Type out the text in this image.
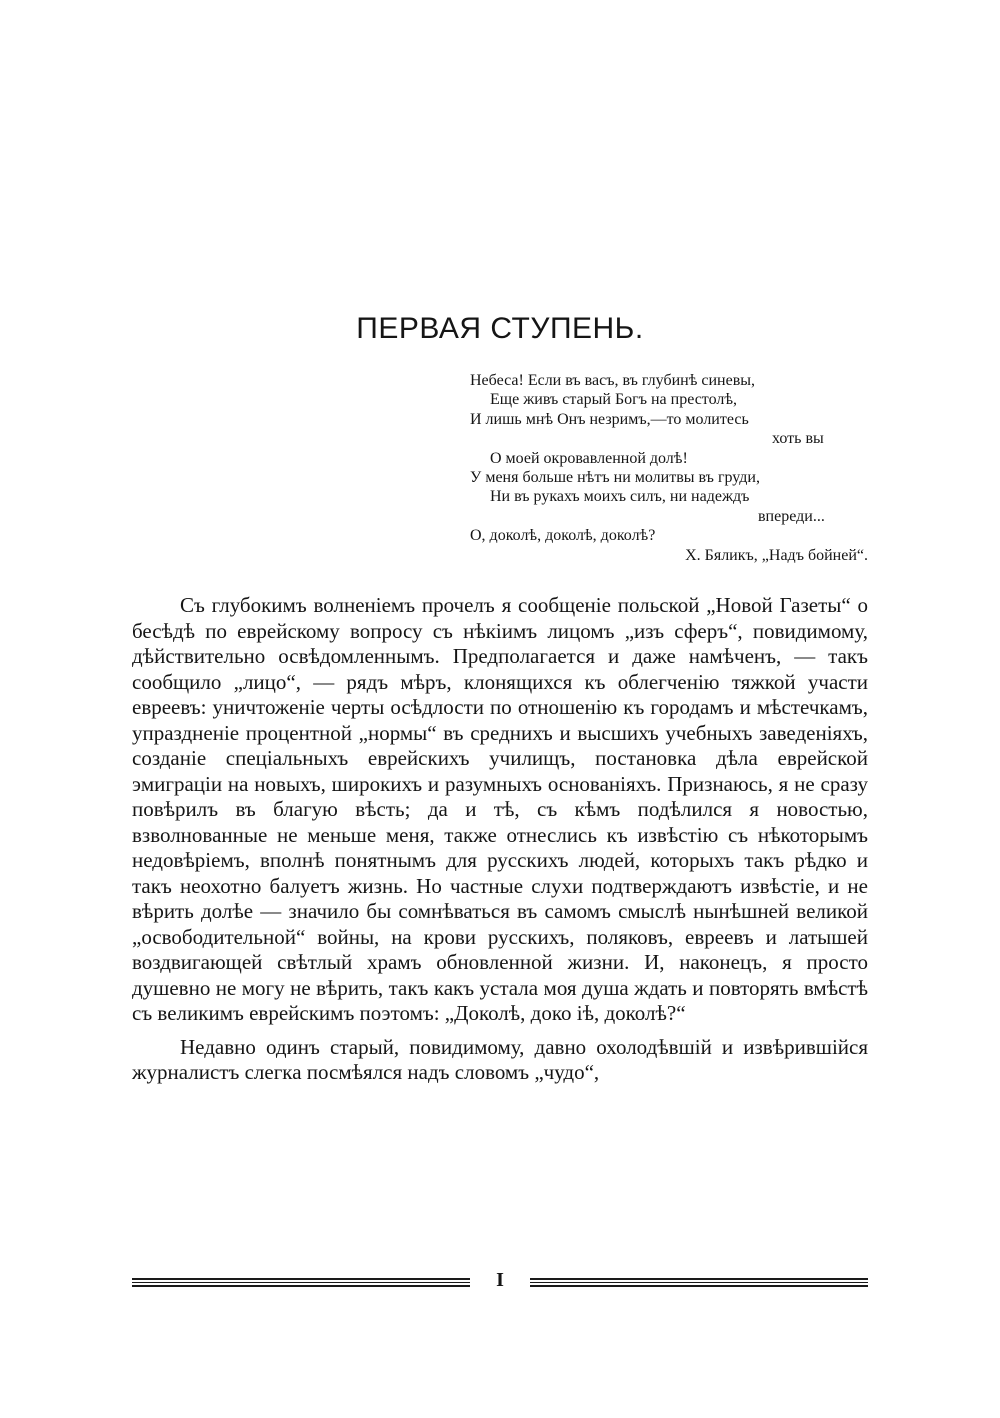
ПЕРВАЯ СТУПЕНЬ.
Небеса! Если въ васъ, въ глубинѣ синевы,
Еще живъ старый Богъ на престолѣ,
И лишь мнѣ Онъ незримъ,—то молитесь
хоть вы
О моей окровавленной долѣ!
У меня больше нѣтъ ни молитвы въ груди,
Ни въ рукахъ моихъ силъ, ни надеждъ
впереди...
О, доколѣ, доколѣ, доколѣ?
Х. Бяликъ, „Надъ бойней“.

Съ глубокимъ волненіемъ прочелъ я сообщеніе польской „Новой Газеты“ о бесѣдѣ по еврейскому вопросу съ нѣкіимъ лицомъ „изъ сферъ“, повидимому, дѣйствительно освѣдомленнымъ. Предполагается и даже намѣченъ, — такъ сообщило „лицо“, — рядъ мѣръ, клонящихся къ облегченію тяжкой участи евреевъ: уничтоженіе черты осѣдлости по отношенію къ городамъ и мѣстечкамъ, упраздненіе процентной „нормы“ въ среднихъ и высшихъ учебныхъ заведеніяхъ, созданіе спеціальныхъ еврейскихъ училищъ, постановка дѣла еврейской эмиграціи на новыхъ, широкихъ и разумныхъ основаніяхъ. Признаюсь, я не сразу повѣрилъ въ благую вѣсть; да и тѣ, съ кѣмъ подѣлился я новостью, взволнованные не меньше меня, также отнеслись къ извѣстію съ нѣкоторымъ недовѣріемъ, вполнѣ понятнымъ для русскихъ людей, которыхъ такъ рѣдко и такъ неохотно балуетъ жизнь. Но частные слухи подтверждаютъ извѣстіе, и не вѣрить долѣе — значило бы сомнѣваться въ самомъ смыслѣ нынѣшней великой „освободительной“ войны, на крови русскихъ, поляковъ, евреевъ и латышей воздвигающей свѣтлый храмъ обновленной жизни. И, наконецъ, я просто душевно не могу не вѣрить, такъ какъ устала моя душа ждать и повторять вмѣстѣ съ великимъ еврейскимъ поэтомъ: „Доколѣ, доко іѣ, доколѣ?“

Недавно одинъ старый, повидимому, давно охолодѣвшій и извѣрившійся журналистъ слегка посмѣялся надъ словомъ „чудо“,

I
